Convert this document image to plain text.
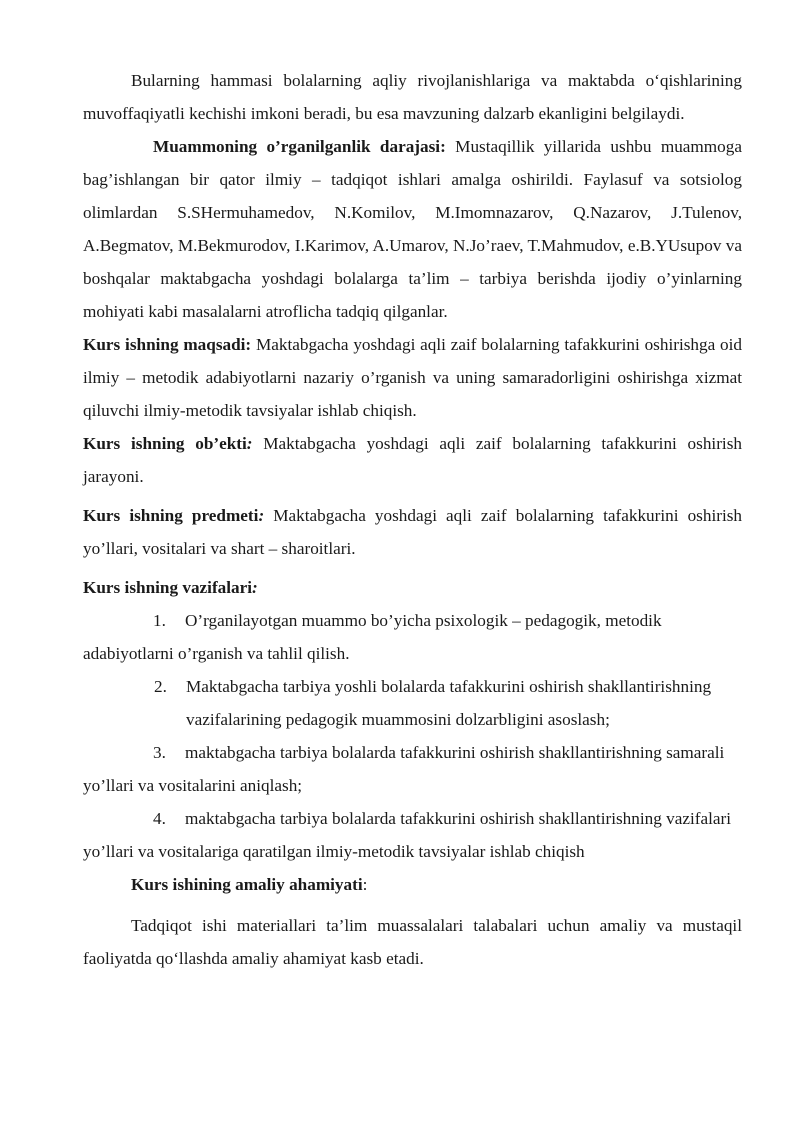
Bularning hammasi bolalarning aqliy rivojlanishlariga va maktabda o‘qishlarining muvoffaqiyatli kechishi imkoni beradi, bu esa mavzuning dalzarb ekanligini belgilaydi.

Muammoning o’rganilganlik darajasi: Mustaqillik yillarida ushbu muammoga bag’ishlangan bir qator ilmiy – tadqiqot ishlari amalga oshirildi. Faylasuf va sotsiolog olimlardan S.SHermuhamedov, N.Komilov, M.Imomnazarov, Q.Nazarov, J.Tulenov, A.Begmatov, M.Bekmurodov, I.Karimov, A.Umarov, N.Jo’raev, T.Mahmudov, e.B.YUsupov va boshqalar maktabgacha yoshdagi bolalarga ta’lim – tarbiya berishda ijodiy o’yinlarning mohiyati kabi masalalarni atroflicha tadqiq qilganlar.

Kurs ishning maqsadi: Maktabgacha yoshdagi aqli zaif bolalarning tafakkurini oshirishga oid ilmiy – metodik adabiyotlarni nazariy o’rganish va uning samaradorligini oshirishga xizmat qiluvchi ilmiy-metodik tavsiyalar ishlab chiqish.

Kurs ishning ob’ekti: Maktabgacha yoshdagi aqli zaif bolalarning tafakkurini oshirish jarayoni.

Kurs ishning predmeti: Maktabgacha yoshdagi aqli zaif bolalarning tafakkurini oshirish yo’llari, vositalari va shart – sharoitlari.

Kurs ishning vazifalari:

1. O’rganilayotgan muammo bo’yicha psixologik – pedagogik, metodik adabiyotlarni o’rganish va tahlil qilish.

2. Maktabgacha tarbiya yoshli bolalarda tafakkurini oshirish shakllantirishning vazifalarining pedagogik muammosini dolzarbligini asoslash;

3. maktabgacha tarbiya bolalarda tafakkurini oshirish shakllantirishning samarali yo’llari va vositalarini aniqlash;

4. maktabgacha tarbiya bolalarda tafakkurini oshirish shakllantirishning vazifalari yo’llari va vositalariga qaratilgan ilmiy-metodik tavsiyalar ishlab chiqish

Kurs ishining amaliy ahamiyati:

Tadqiqot ishi materiallari ta’lim muassalalari talabalari uchun amaliy va mustaqil faoliyatda qo‘llashda amaliy ahamiyat kasb etadi.
